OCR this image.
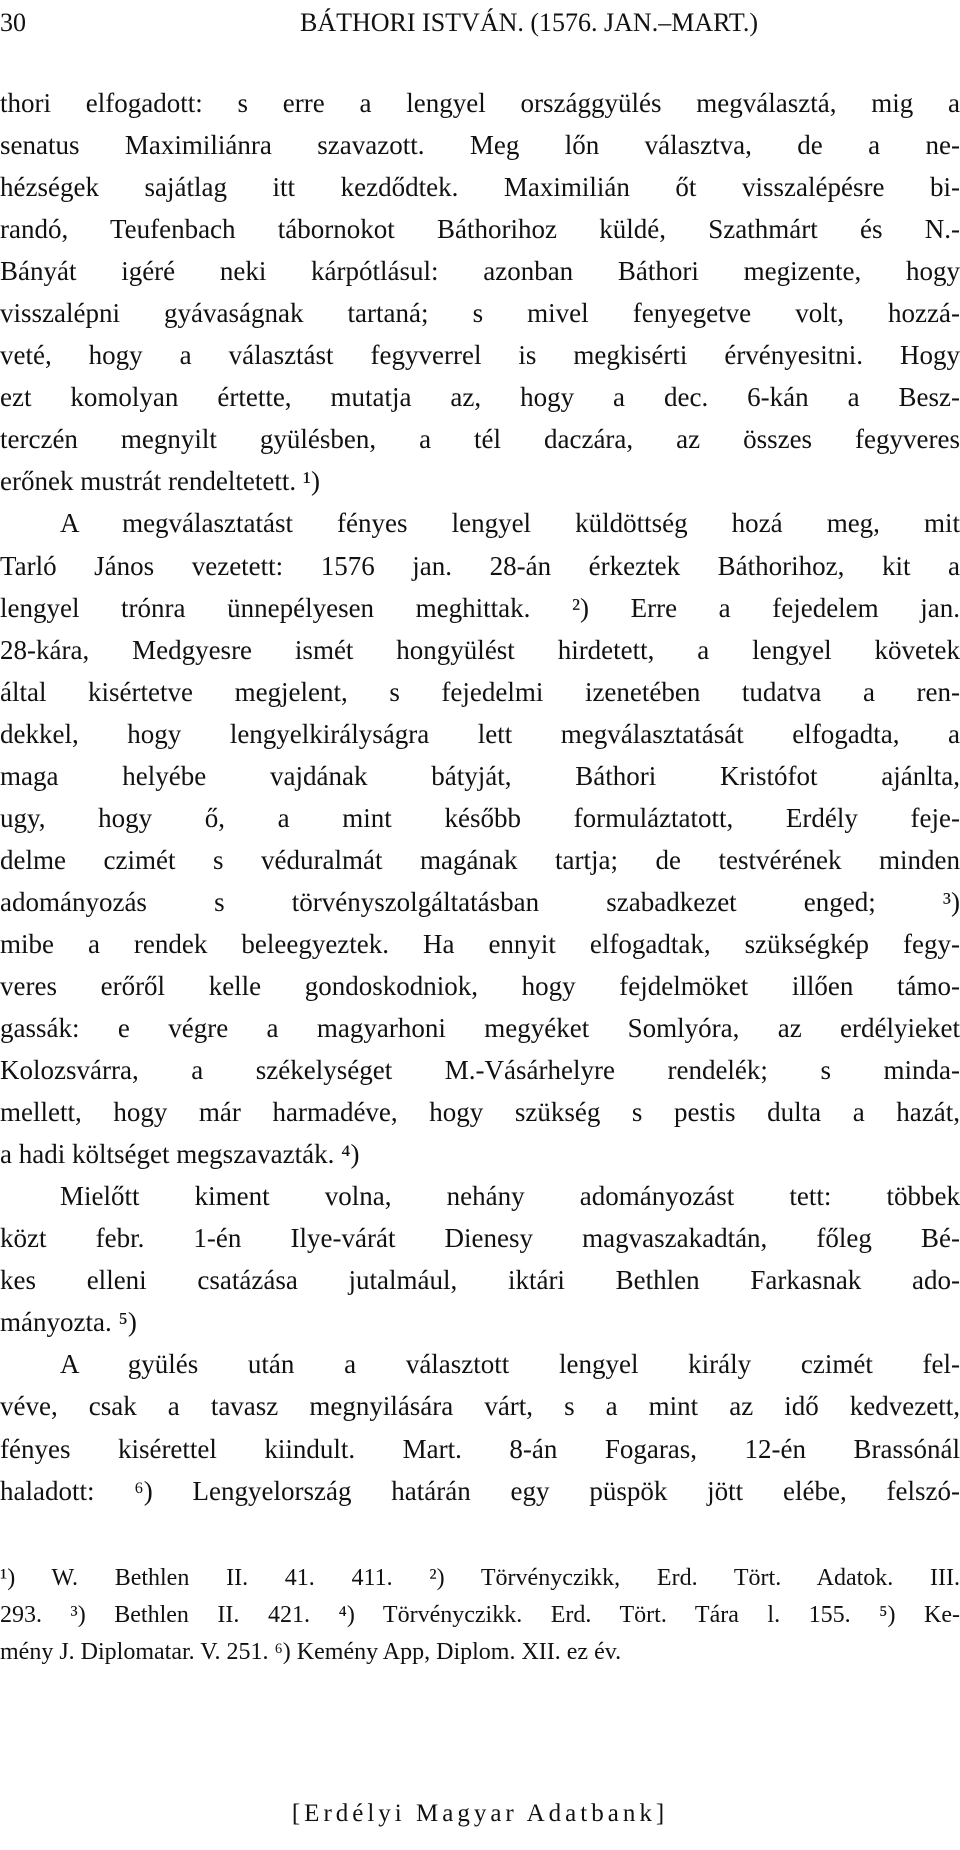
30	BÁTHORI ISTVÁN. (1576. JAN.–MART.)
thori elfogadott: s erre a lengyel országgyülés megválasztá, mig a
senatus Maximiliánra szavazott. Meg lőn választva, de a ne-
hézségek sajátlag itt kezdődtek. Maximilián őt visszalépésre bi-
randó, Teufenbach tábornokot Báthorihoz küldé, Szathmárt és N.-
Bányát igéré neki kárpótlásul: azonban Báthori megizente, hogy
visszalépni gyávaságnak tartaná; s mivel fenyegetve volt, hozzá-
veté, hogy a választást fegyverrel is megkisérti érvényesitni. Hogy
ezt komolyan értette, mutatja az, hogy a dec. 6-kán a Besz-
terczén megnyilt gyülésben, a tél daczára, az összes fegyveres
erőnek mustrát rendeltetett. ¹)
A megválasztatást fényes lengyel küldöttség hozá meg, mit
Tarló János vezetett: 1576 jan. 28-án érkeztek Báthorihoz, kit a
lengyel trónra ünnepélyesen meghittak. ²) Erre a fejedelem jan.
28-kára, Medgyesre ismét hongyülést hirdetett, a lengyel követek
által kisértetve megjelent, s fejedelmi izenetében tudatva a ren-
dekkel, hogy lengyelkirályságra lett megválasztatását elfogadta, a
maga helyébe vajdának bátyját, Báthori Kristófot ajánlta,
ugy, hogy ő, a mint később formuláztatott, Erdély feje-
delme czimét s véduralmát magának tartja; de testvérének minden
adományozás s törvényszolgáltatásban szabadkezet enged; ³)
mibe a rendek beleegyeztek. Ha ennyit elfogadtak, szükségkép fegy-
veres erőről kelle gondoskodniok, hogy fejdelmöket illően támo-
gassák: e végre a magyarhoni megyéket Somlyóra, az erdélyieket
Kolozsvárra, a székelységet M.-Vásárhelyre rendelék; s minda-
mellett, hogy már harmadéve, hogy szükség s pestis dulta a hazát,
a hadi költséget megszavazták. ⁴)
Mielőtt kiment volna, nehány adományozást tett: többek
közt febr. 1-én Ilye-várát Dienesy magvaszakadtán, főleg Bé-
kes elleni csatázása jutalmául, iktári Bethlen Farkasnak ado-
mányozta. ⁵)
A gyülés után a választott lengyel király czimét fel-
véve, csak a tavasz megnyilására várt, s a mint az idő kedvezett,
fényes kisérettel kiindult. Mart. 8-án Fogaras, 12-én Brassónál
haladott: ⁶) Lengyelország határán egy püspök jött elébe, felszó-
¹) W. Bethlen II. 41. 411. ²) Törvényczikk, Erd. Tört. Adatok. III.
293. ³) Bethlen II. 421. ⁴) Törvényczikk. Erd. Tört. Tára l. 155. ⁵) Ke-
mény J. Diplomatar. V. 251. ⁶) Kemény App, Diplom. XII. ez év.
[Erdélyi Magyar Adatbank]
